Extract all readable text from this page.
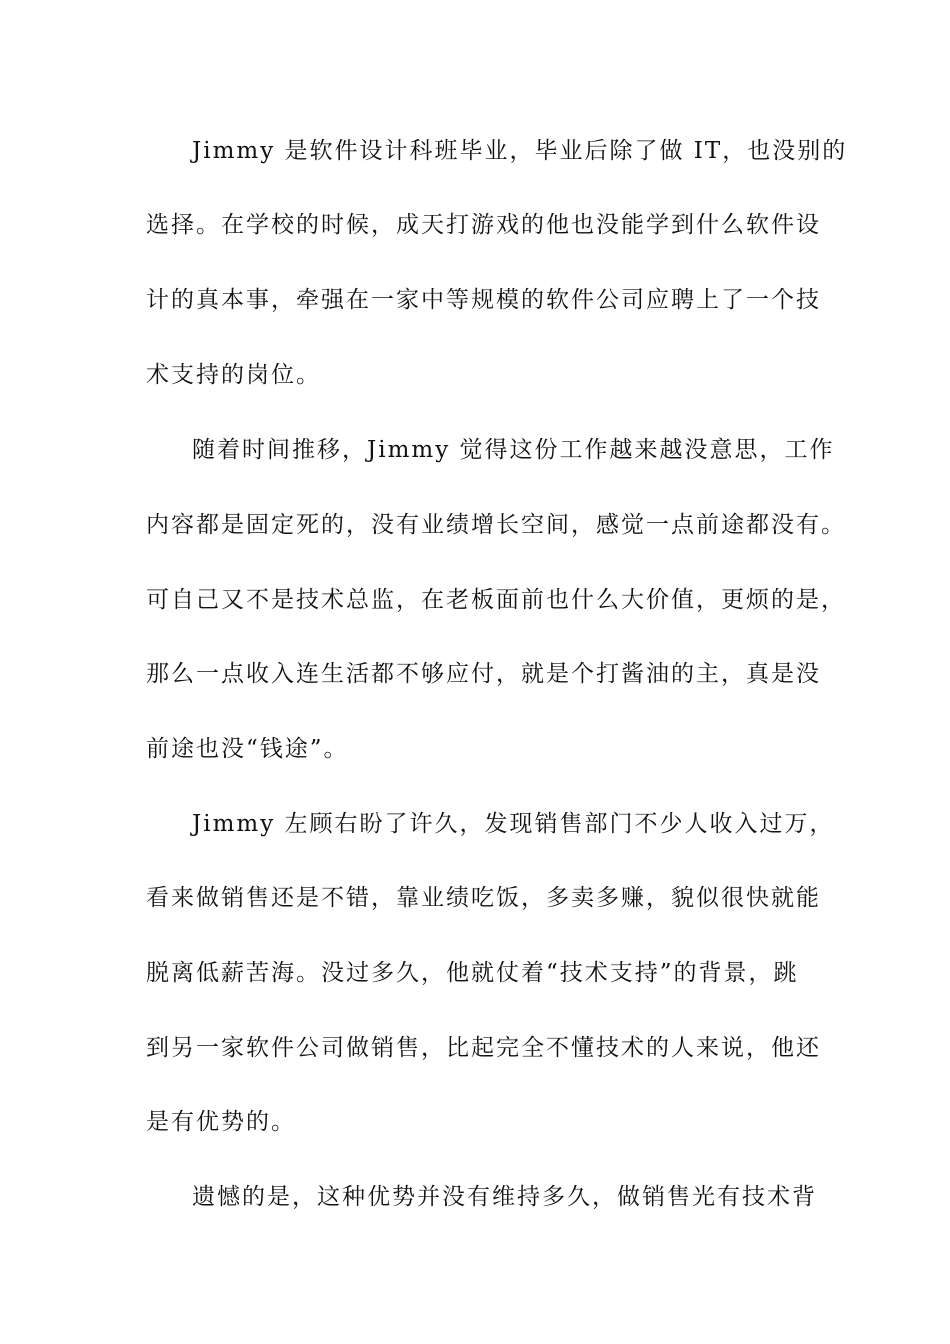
Jimmy 是软件设计科班毕业，毕业后除了做 IT，也没别的
选择。在学校的时候，成天打游戏的他也没能学到什么软件设
计的真本事，牵强在一家中等规模的软件公司应聘上了一个技
术支持的岗位。
随着时间推移，Jimmy 觉得这份工作越来越没意思，工作
内容都是固定死的，没有业绩增长空间，感觉一点前途都没有。
可自己又不是技术总监，在老板面前也什么大价值，更烦的是，
那么一点收入连生活都不够应付，就是个打酱油的主，真是没
前途也没“钱途”。
Jimmy 左顾右盼了许久，发现销售部门不少人收入过万，
看来做销售还是不错，靠业绩吃饭，多卖多赚，貌似很快就能
脱离低薪苦海。没过多久，他就仗着“技术支持”的背景，跳
到另一家软件公司做销售，比起完全不懂技术的人来说，他还
是有优势的。
遗憾的是，这种优势并没有维持多久，做销售光有技术背
